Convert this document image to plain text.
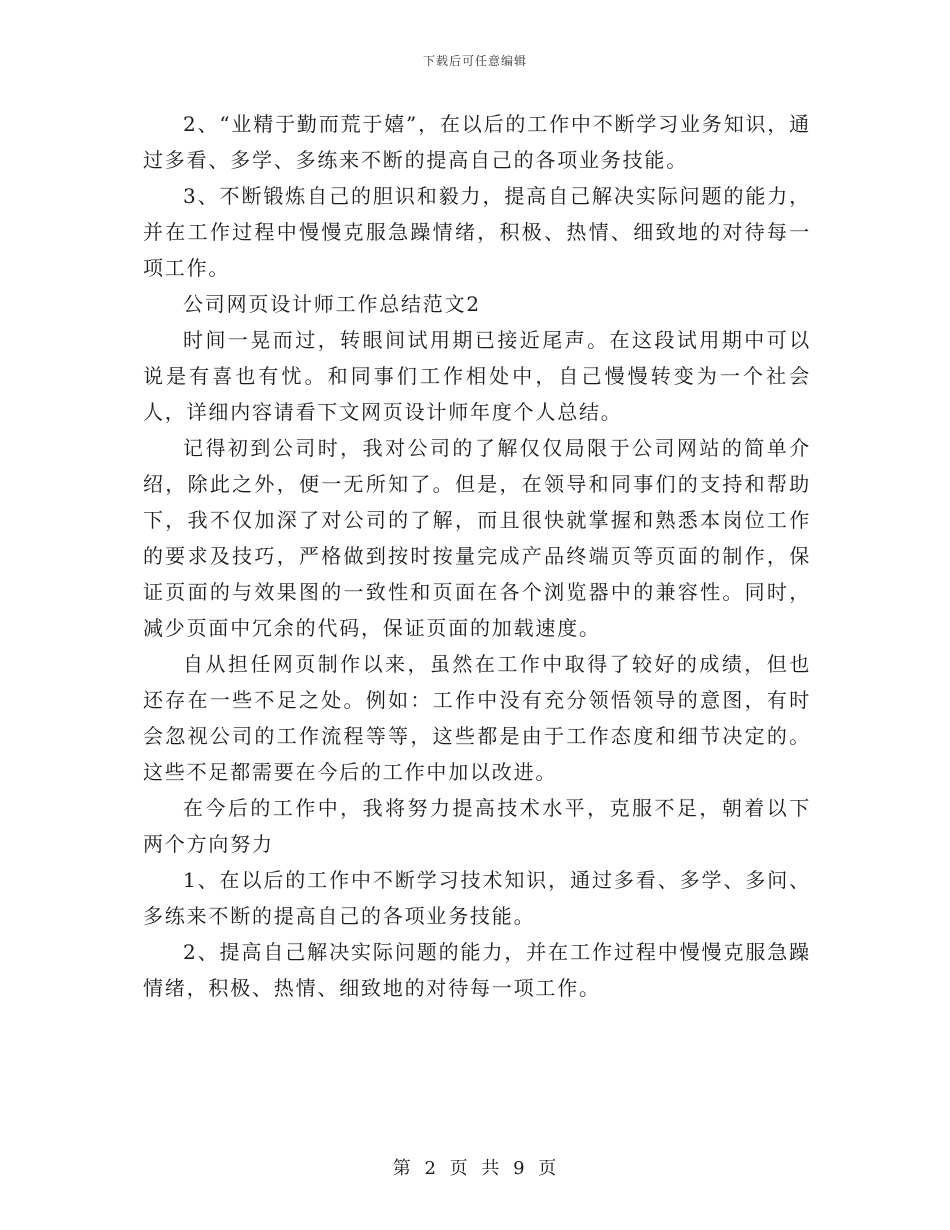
下载后可任意编辑

2、“业精于勤而荒于嬉”，在以后的工作中不断学习业务知识，通过多看、多学、多练来不断的提高自己的各项业务技能。

3、不断锻炼自己的胆识和毅力，提高自己解决实际问题的能力，并在工作过程中慢慢克服急躁情绪，积极、热情、细致地的对待每一项工作。

公司网页设计师工作总结范文2

时间一晃而过，转眼间试用期已接近尾声。在这段试用期中可以说是有喜也有忧。和同事们工作相处中，自己慢慢转变为一个社会人，详细内容请看下文网页设计师年度个人总结。

记得初到公司时，我对公司的了解仅仅局限于公司网站的简单介绍，除此之外，便一无所知了。但是，在领导和同事们的支持和帮助下，我不仅加深了对公司的了解，而且很快就掌握和熟悉本岗位工作的要求及技巧，严格做到按时按量完成产品终端页等页面的制作，保证页面的与效果图的一致性和页面在各个浏览器中的兼容性。同时，减少页面中冗余的代码，保证页面的加载速度。

自从担任网页制作以来，虽然在工作中取得了较好的成绩，但也还存在一些不足之处。例如：工作中没有充分领悟领导的意图，有时会忽视公司的工作流程等等，这些都是由于工作态度和细节决定的。这些不足都需要在今后的工作中加以改进。

在今后的工作中，我将努力提高技术水平，克服不足，朝着以下两个方向努力

1、在以后的工作中不断学习技术知识，通过多看、多学、多问、多练来不断的提高自己的各项业务技能。

2、提高自己解决实际问题的能力，并在工作过程中慢慢克服急躁情绪，积极、热情、细致地的对待每一项工作。

第 2 页 共 9 页
